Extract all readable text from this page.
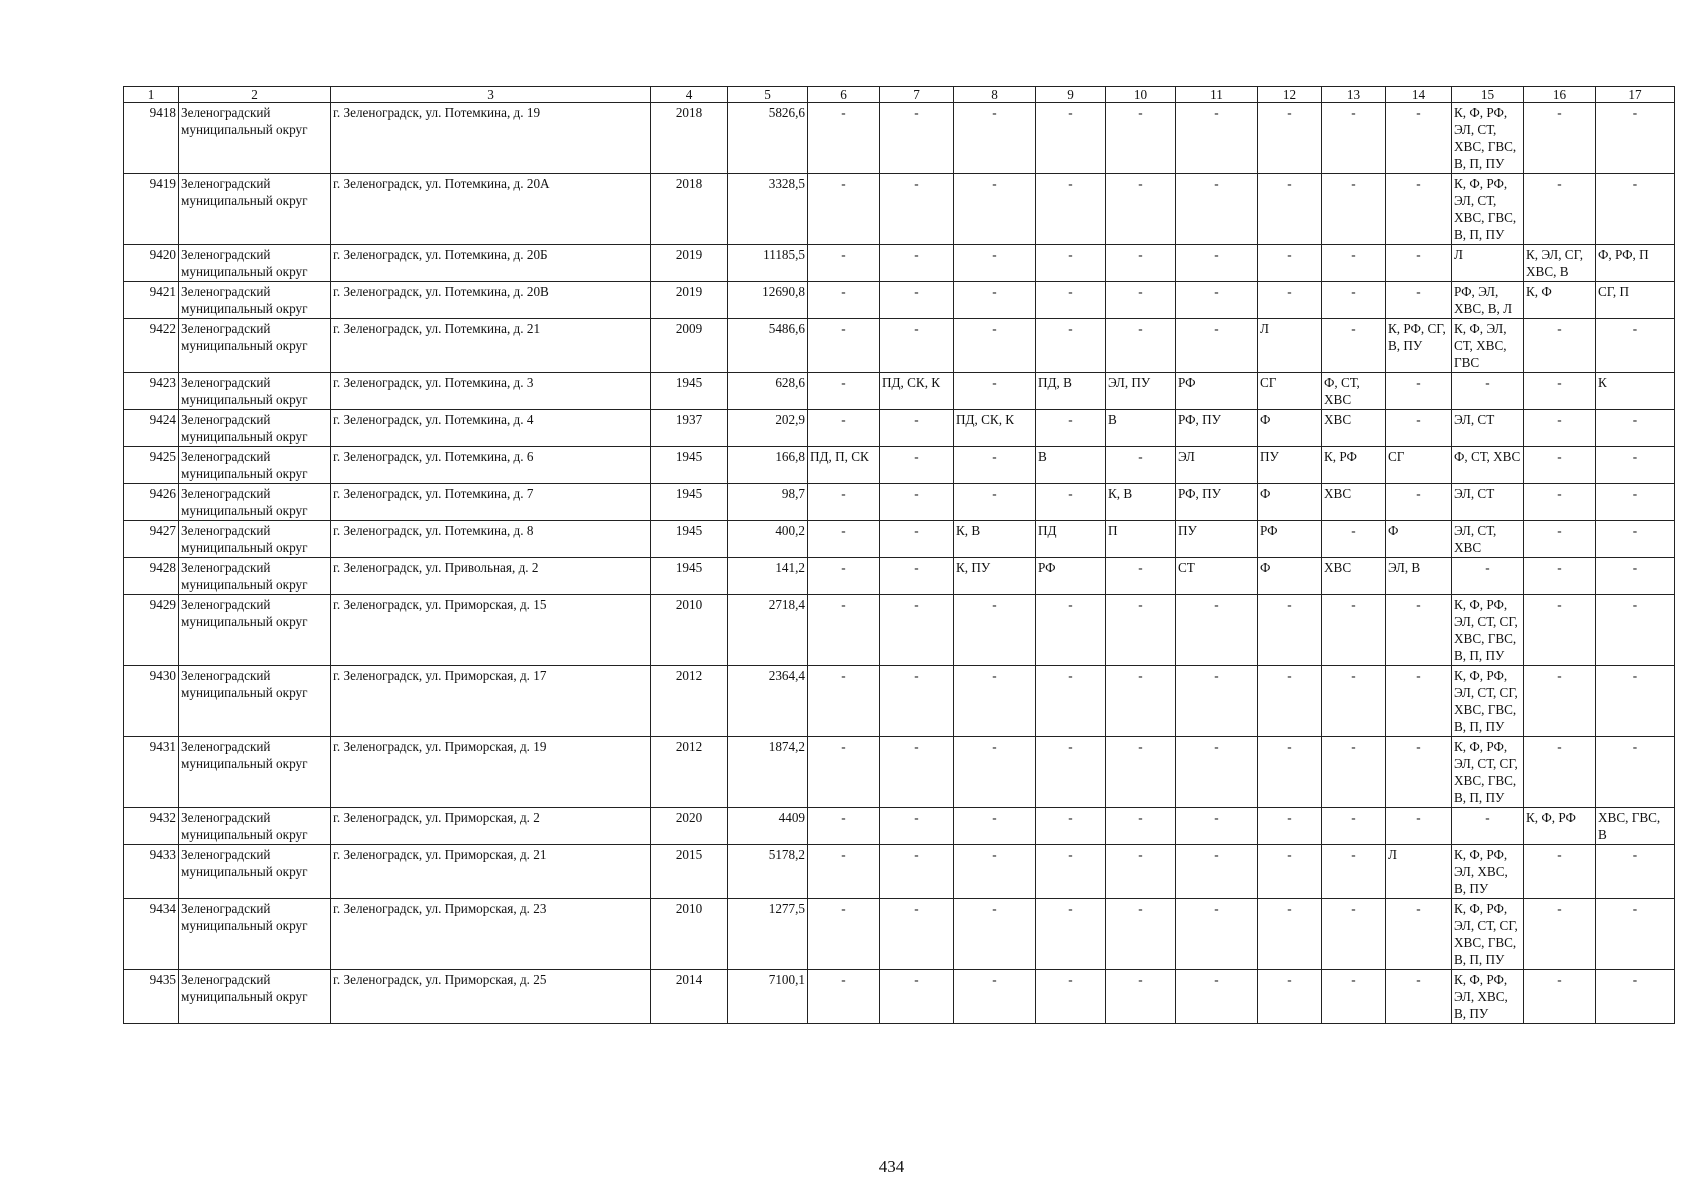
1	2	3	4	5	6	7	8	9	10	11	12	13	14	15	16	17
9418	Зеленоградский муниципальный округ	г. Зеленоградск, ул. Потемкина, д. 19	2018	5826,6	-	-	-	-	-	-	-	-	-	К, Ф, РФ, ЭЛ, СТ, ХВС, ГВС, В, П, ПУ	-	-
9419	Зеленоградский муниципальный округ	г. Зеленоградск, ул. Потемкина, д. 20А	2018	3328,5	-	-	-	-	-	-	-	-	-	К, Ф, РФ, ЭЛ, СТ, ХВС, ГВС, В, П, ПУ	-	-
9420	Зеленоградский муниципальный округ	г. Зеленоградск, ул. Потемкина, д. 20Б	2019	11185,5	-	-	-	-	-	-	-	-	-	Л	К, ЭЛ, СГ, ХВС, В	Ф, РФ, П
9421	Зеленоградский муниципальный округ	г. Зеленоградск, ул. Потемкина, д. 20В	2019	12690,8	-	-	-	-	-	-	-	-	-	РФ, ЭЛ, ХВС, В, Л	К, Ф	СГ, П
9422	Зеленоградский муниципальный округ	г. Зеленоградск, ул. Потемкина, д. 21	2009	5486,6	-	-	-	-	-	-	Л	-	К, РФ, СГ, В, ПУ	К, Ф, ЭЛ, СТ, ХВС, ГВС	-	-
9423	Зеленоградский муниципальный округ	г. Зеленоградск, ул. Потемкина, д. 3	1945	628,6	-	ПД, СК, К	-	ПД, В	ЭЛ, ПУ	РФ	СГ	Ф, СТ, ХВС	-	-	-	К
9424	Зеленоградский муниципальный округ	г. Зеленоградск, ул. Потемкина, д. 4	1937	202,9	-	-	ПД, СК, К	-	В	РФ, ПУ	Ф	ХВС	-	ЭЛ, СТ	-	-
9425	Зеленоградский муниципальный округ	г. Зеленоградск, ул. Потемкина, д. 6	1945	166,8	ПД, П, СК	-	-	В	-	ЭЛ	ПУ	К, РФ	СГ	Ф, СТ, ХВС	-	-
9426	Зеленоградский муниципальный округ	г. Зеленоградск, ул. Потемкина, д. 7	1945	98,7	-	-	-	-	К, В	РФ, ПУ	Ф	ХВС	-	ЭЛ, СТ	-	-
9427	Зеленоградский муниципальный округ	г. Зеленоградск, ул. Потемкина, д. 8	1945	400,2	-	-	К, В	ПД	П	ПУ	РФ	-	Ф	ЭЛ, СТ, ХВС	-	-
9428	Зеленоградский муниципальный округ	г. Зеленоградск, ул. Привольная, д. 2	1945	141,2	-	-	К, ПУ	РФ	-	СТ	Ф	ХВС	ЭЛ, В	-	-	-
9429	Зеленоградский муниципальный округ	г. Зеленоградск, ул. Приморская, д. 15	2010	2718,4	-	-	-	-	-	-	-	-	-	К, Ф, РФ, ЭЛ, СТ, СГ, ХВС, ГВС, В, П, ПУ	-	-
9430	Зеленоградский муниципальный округ	г. Зеленоградск, ул. Приморская, д. 17	2012	2364,4	-	-	-	-	-	-	-	-	-	К, Ф, РФ, ЭЛ, СТ, СГ, ХВС, ГВС, В, П, ПУ	-	-
9431	Зеленоградский муниципальный округ	г. Зеленоградск, ул. Приморская, д. 19	2012	1874,2	-	-	-	-	-	-	-	-	-	К, Ф, РФ, ЭЛ, СТ, СГ, ХВС, ГВС, В, П, ПУ	-	-
9432	Зеленоградский муниципальный округ	г. Зеленоградск, ул. Приморская, д. 2	2020	4409	-	-	-	-	-	-	-	-	-	-	К, Ф, РФ	ХВС, ГВС, В
9433	Зеленоградский муниципальный округ	г. Зеленоградск, ул. Приморская, д. 21	2015	5178,2	-	-	-	-	-	-	-	-	Л	К, Ф, РФ, ЭЛ, ХВС, В, ПУ	-	-
9434	Зеленоградский муниципальный округ	г. Зеленоградск, ул. Приморская, д. 23	2010	1277,5	-	-	-	-	-	-	-	-	-	К, Ф, РФ, ЭЛ, СТ, СГ, ХВС, ГВС, В, П, ПУ	-	-
9435	Зеленоградский муниципальный округ	г. Зеленоградск, ул. Приморская, д. 25	2014	7100,1	-	-	-	-	-	-	-	-	-	К, Ф, РФ, ЭЛ, ХВС, В, ПУ	-	-
434
